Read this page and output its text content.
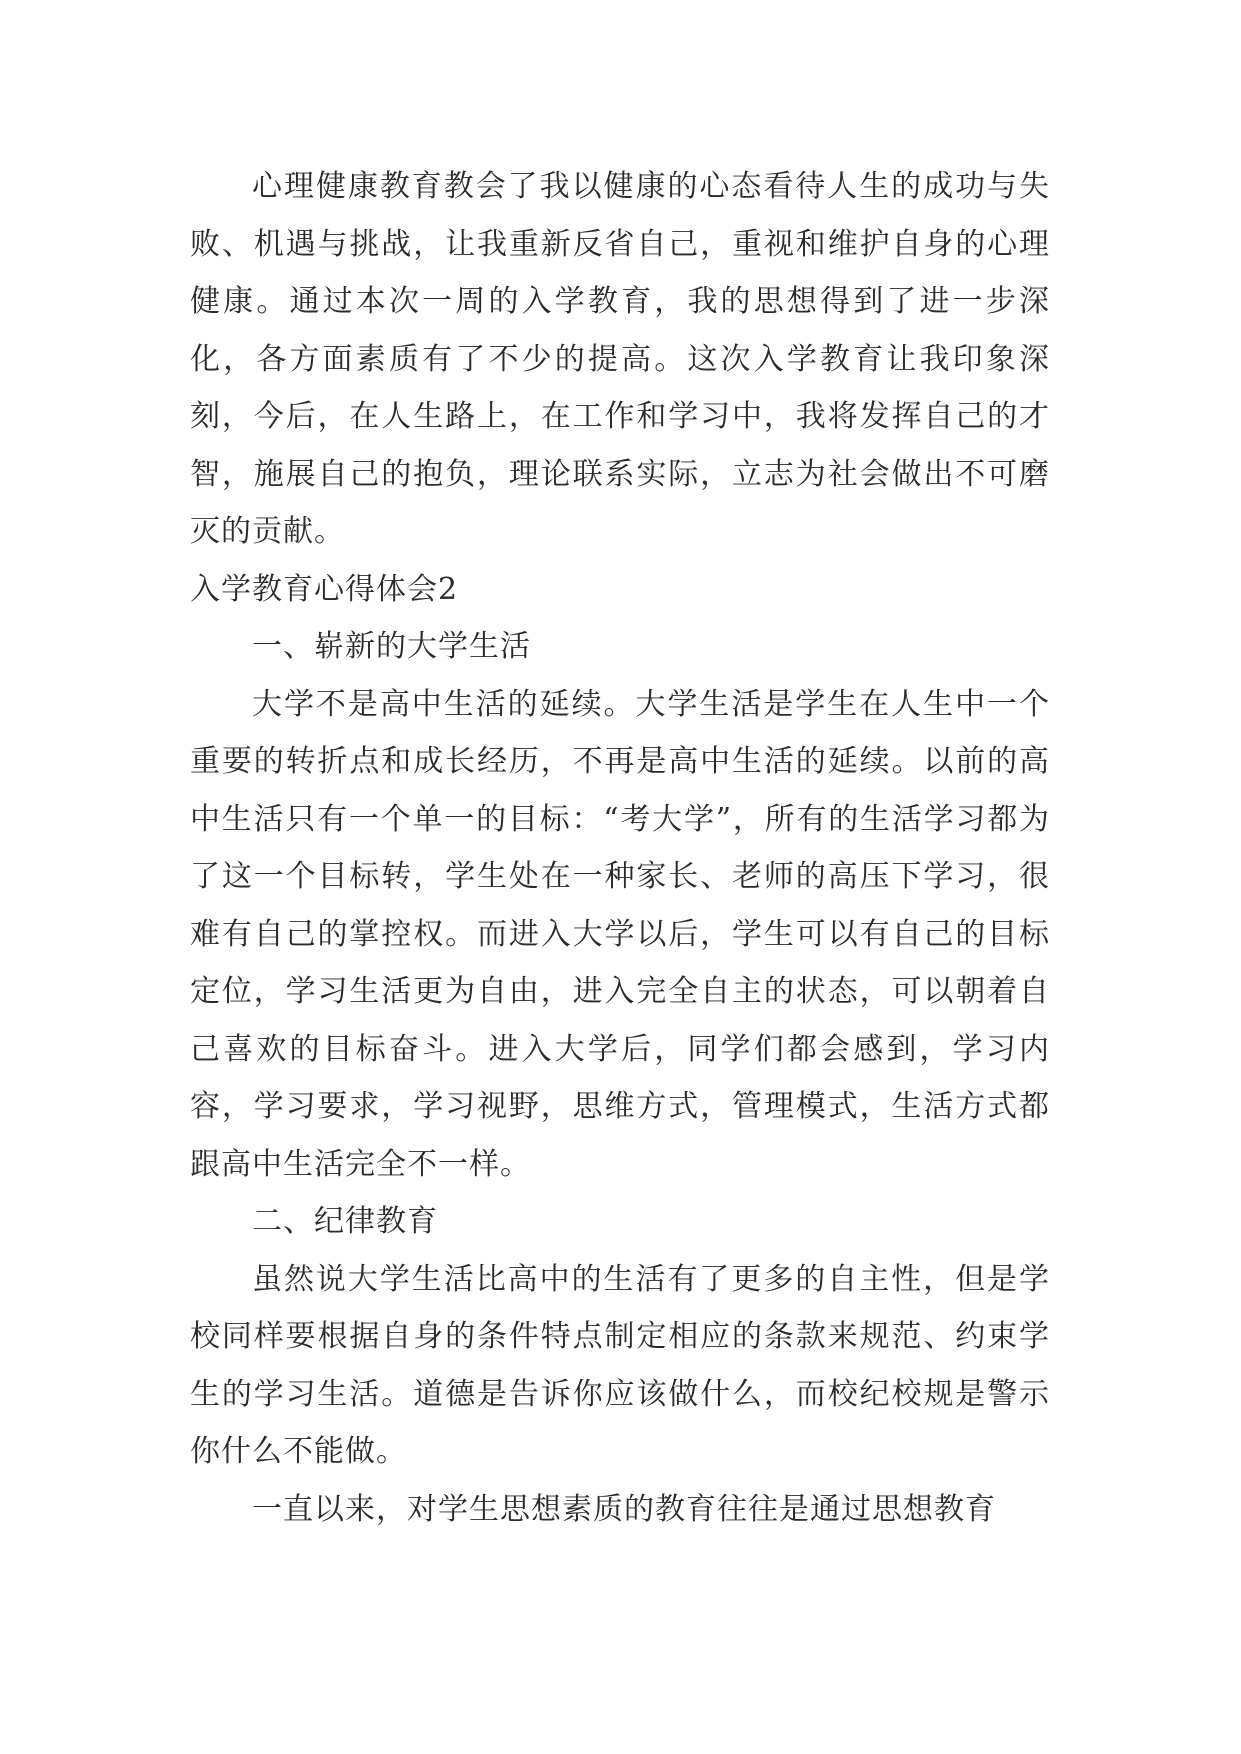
心理健康教育教会了我以健康的心态看待人生的成功与失败、机遇与挑战，让我重新反省自己，重视和维护自身的心理健康。通过本次一周的入学教育，我的思想得到了进一步深化，各方面素质有了不少的提高。这次入学教育让我印象深刻，今后，在人生路上，在工作和学习中，我将发挥自己的才智，施展自己的抱负，理论联系实际，立志为社会做出不可磨灭的贡献。

入学教育心得体会2

一、崭新的大学生活

大学不是高中生活的延续。大学生活是学生在人生中一个重要的转折点和成长经历，不再是高中生活的延续。以前的高中生活只有一个单一的目标：“考大学”，所有的生活学习都为了这一个目标转，学生处在一种家长、老师的高压下学习，很难有自己的掌控权。而进入大学以后，学生可以有自己的目标定位，学习生活更为自由，进入完全自主的状态，可以朝着自己喜欢的目标奋斗。进入大学后，同学们都会感到，学习内容，学习要求，学习视野，思维方式，管理模式，生活方式都跟高中生活完全不一样。

二、纪律教育

虽然说大学生活比高中的生活有了更多的自主性，但是学校同样要根据自身的条件特点制定相应的条款来规范、约束学生的学习生活。道德是告诉你应该做什么，而校纪校规是警示你什么不能做。

一直以来，对学生思想素质的教育往往是通过思想教育
